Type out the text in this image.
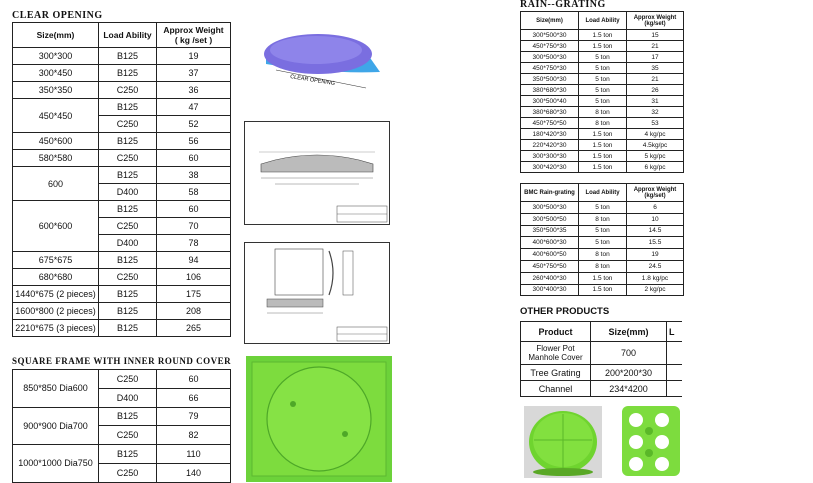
CLEAR OPENING
Size(mm)	Load Ability	Approx Weight
( kg /set )
300*300	B125	19
300*450	B125	37
350*350	C250	36
450*450	B125	47
	C250	52
450*600	B125	56
580*580	C250	60
600	B125	38
	D400	58
600*600	B125	60
	C250	70
	D400	78
675*675	B125	94
680*680	C250	106
1440*675 (2 pieces)	B125	175
1600*800 (2 pieces)	B125	208
2210*675 (3 pieces)	B125	265
SQUARE FRAME WITH INNER ROUND COVER
850*850 Dia600	C250	60
	D400	66
900*900 Dia700	B125	79
	C250	82
1000*1000 Dia750	B125	110
	C250	140
CLEAR OPENING
RAIN--GRATING
Size(mm)	Load Ability	Approx Weight
(kg/set)
300*500*30	1.5 ton	15
450*750*30	1.5 ton	21
300*500*30	5 ton	17
450*750*30	5 ton	35
350*500*30	5 ton	21
380*680*30	5 ton	26
300*500*40	5 ton	31
380*680*30	8 ton	32
450*750*50	8 ton	53
180*420*30	1.5 ton	4 kg/pc
220*420*30	1.5 ton	4.5kg/pc
300*300*30	1.5 ton	5 kg/pc
300*420*30	1.5 ton	6 kg/pc
BMC Rain-grating	Load Ability	Approx Weight
(kg/set)
300*500*30	5 ton	6
300*500*50	8 ton	10
350*500*35	5 ton	14.5
400*600*30	5 ton	15.5
400*600*50	8 ton	19
450*750*50	8 ton	24.5
260*400*30	1.5 ton	1.8 kg/pc
300*400*30	1.5 ton	2 kg/pc
OTHER PRODUCTS
Product	Size(mm)	L
Flower Pot Manhole Cover	700	
Tree Grating	200*200*30	
Channel	234*4200	
